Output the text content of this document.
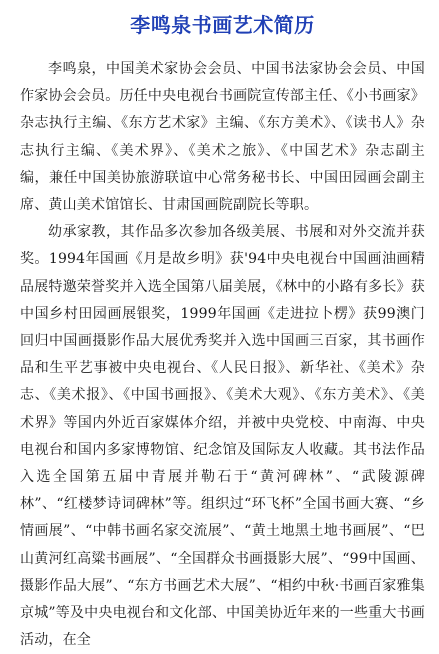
李鸣泉书画艺术简历

李鸣泉，中国美术家协会会员、中国书法家协会会员、中国作家协会会员。历任中央电视台书画院宣传部主任、《小书画家》杂志执行主编、《东方艺术家》主编、《东方美术》、《读书人》杂志执行主编、《美术界》、《美术之旅》、《中国艺术》杂志副主编，兼任中国美协旅游联谊中心常务秘书长、中国田园画会副主席、黄山美术馆馆长、甘肃国画院副院长等职。

幼承家教，其作品多次参加各级美展、书展和对外交流并获奖。1994年国画《月是故乡明》获'94中央电视台中国画油画精品展特邀荣誉奖并入选全国第八届美展，《林中的小路有多长》获中国乡村田园画展银奖，1999年国画《走进拉卜楞》获99澳门回归中国画摄影作品大展优秀奖并入选中国画三百家，其书画作品和生平艺事被中央电视台、《人民日报》、新华社、《美术》杂志、《美术报》、《中国书画报》、《美术大观》、《东方美术》、《美术界》等国内外近百家媒体介绍，并被中央党校、中南海、中央电视台和国内多家博物馆、纪念馆及国际友人收藏。其书法作品入选全国第五届中青展并勒石于“黄河碑林”、“武陵源碑林”、“红楼梦诗词碑林”等。组织过“环飞杯”全国书画大赛、“乡情画展”、“中韩书画名家交流展”、“黄土地黑土地书画展”、“巴山黄河红高粱书画展”、“全国群众书画摄影大展”、“99中国画、摄影作品大展”、“东方书画艺术大展”、“相约中秋·书画百家雅集京城”等及中央电视台和文化部、中国美协近年来的一些重大书画活动，在全
